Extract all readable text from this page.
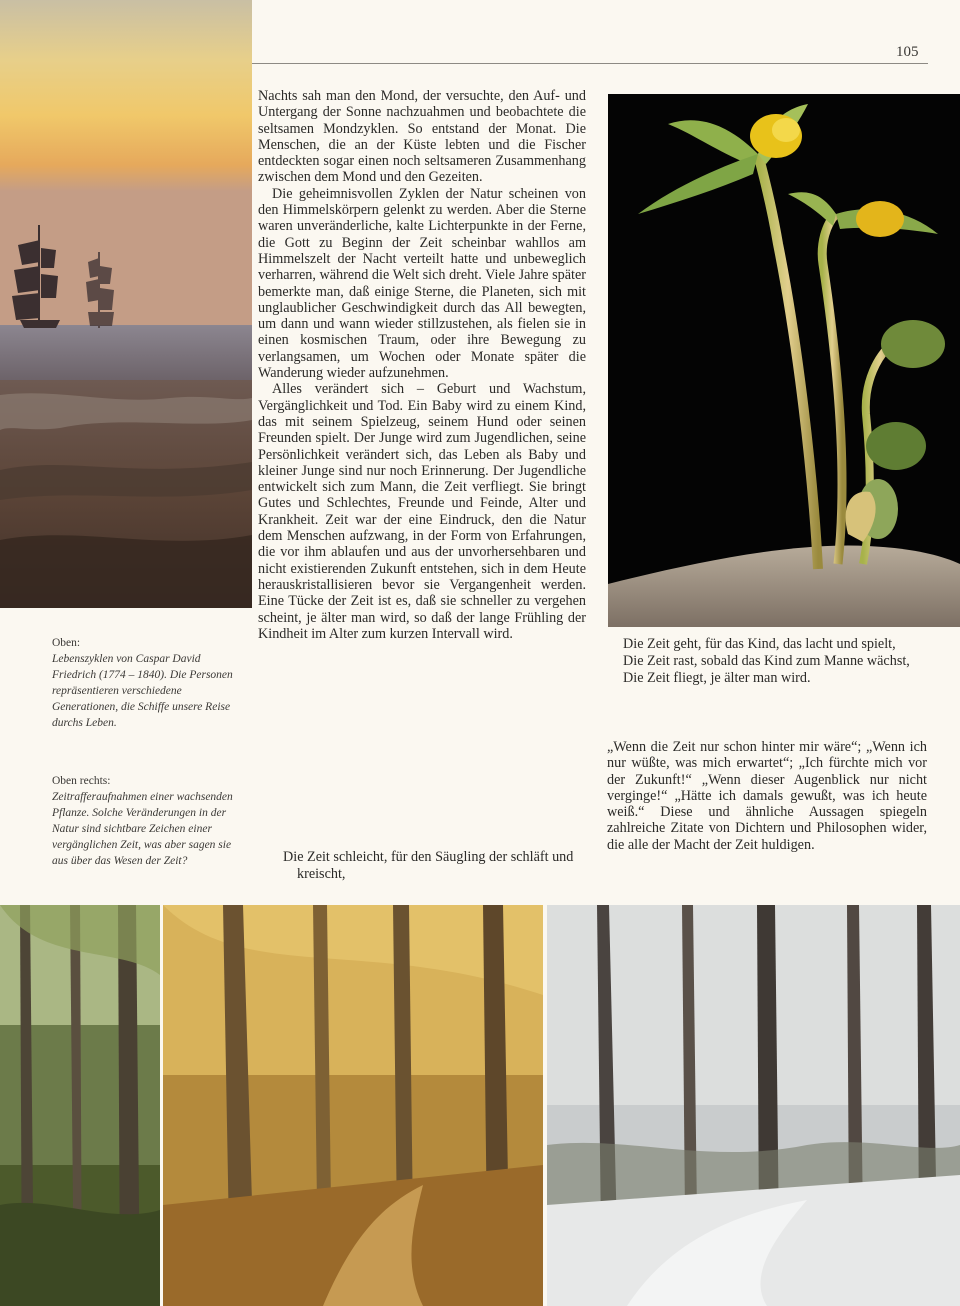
105
Oben:
Lebenszyklen von Caspar David Friedrich (1774 – 1840). Die Personen repräsentieren verschiedene Generationen, die Schiffe unsere Reise durchs Leben.
Oben rechts:
Zeitrafferaufnahmen einer wachsenden Pflanze. Solche Veränderungen in der Natur sind sichtbare Zeichen einer vergänglichen Zeit, was aber sagen sie aus über das Wesen der Zeit?

Nachts sah man den Mond, der versuchte, den Auf- und Untergang der Sonne nachzuahmen und beobachtete die seltsamen Mondzyklen. So entstand der Monat. Die Menschen, die an der Küste lebten und die Fischer entdeckten sogar einen noch seltsameren Zusammenhang zwischen dem Mond und den Gezeiten.

Die geheimnisvollen Zyklen der Natur scheinen von den Himmelskörpern gelenkt zu werden. Aber die Sterne waren unveränderliche, kalte Lichterpunkte in der Ferne, die Gott zu Beginn der Zeit scheinbar wahllos am Himmelszelt der Nacht verteilt hatte und unbeweglich verharren, während die Welt sich dreht. Viele Jahre später bemerkte man, daß einige Sterne, die Planeten, sich mit unglaublicher Geschwindigkeit durch das All bewegten, um dann und wann wieder stillzustehen, als fielen sie in einen kosmischen Traum, oder ihre Bewegung zu verlangsamen, um Wochen oder Monate später die Wanderung wieder aufzunehmen.

Alles verändert sich – Geburt und Wachstum, Vergänglichkeit und Tod. Ein Baby wird zu einem Kind, das mit seinem Spielzeug, seinem Hund oder seinen Freunden spielt. Der Junge wird zum Jugendlichen, seine Persönlichkeit verändert sich, das Leben als Baby und kleiner Junge sind nur noch Erinnerung. Der Jugendliche entwickelt sich zum Mann, die Zeit verfliegt. Sie bringt Gutes und Schlechtes, Freunde und Feinde, Alter und Krankheit. Zeit war der eine Eindruck, den die Natur dem Menschen aufzwang, in der Form von Erfahrungen, die vor ihm ablaufen und aus der unvorhersehbaren und nicht existierenden Zukunft entstehen, sich in dem Heute herauskristallisieren bevor sie Vergangenheit werden. Eine Tücke der Zeit ist es, daß sie schneller zu vergehen scheint, je älter man wird, so daß der lange Frühling der Kindheit im Alter zum kurzen Intervall wird.

Die Zeit schleicht, für den Säugling der schläft und kreischt,
Die Zeit geht, für das Kind, das lacht und spielt,
Die Zeit rast, sobald das Kind zum Manne wächst,
Die Zeit fliegt, je älter man wird.

„Wenn die Zeit nur schon hinter mir wäre“; „Wenn ich nur wüßte, was mich erwartet“; „Ich fürchte mich vor der Zukunft!“ „Wenn dieser Augenblick nur nicht verginge!“ „Hätte ich damals gewußt, was ich heute weiß.“ Diese und ähnliche Aussagen spiegeln zahlreiche Zitate von Dichtern und Philosophen wider, die alle der Macht der Zeit huldigen.
